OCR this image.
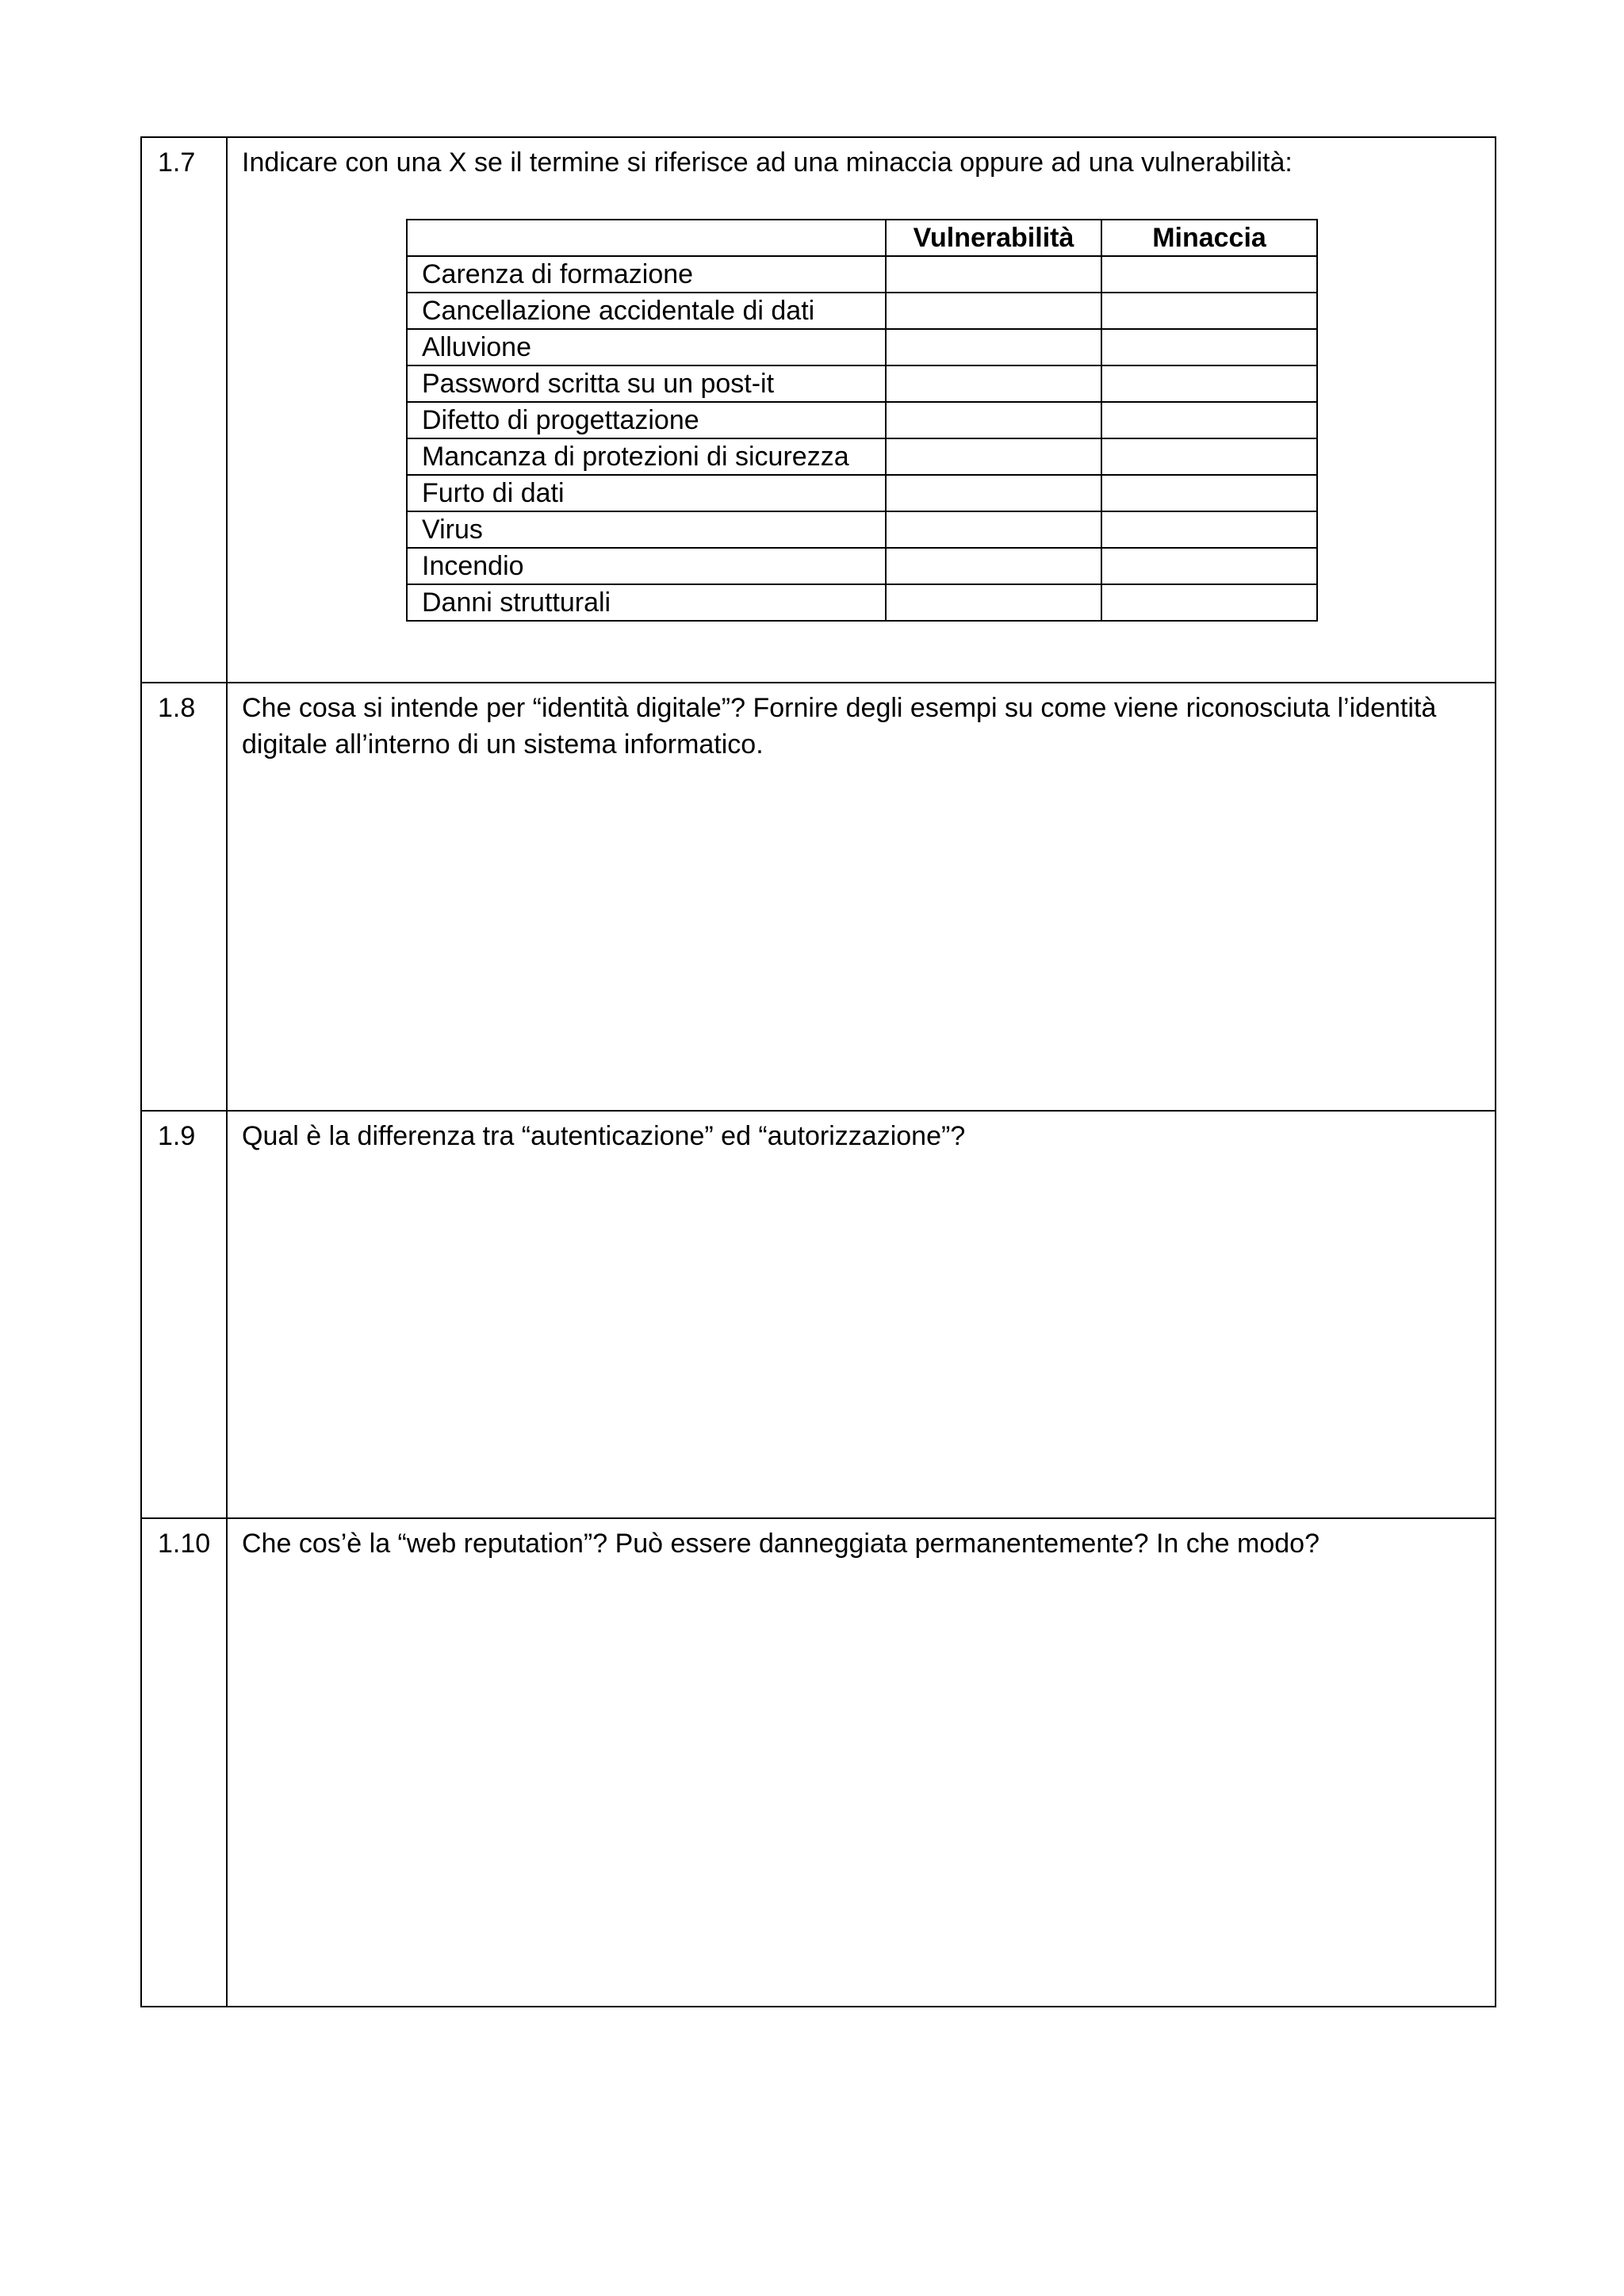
1.7	Indicare con una X se il termine si riferisce ad una minaccia oppure ad una vulnerabilità:
	Vulnerabilità	Minaccia
Carenza di formazione		
Cancellazione accidentale di dati		
Alluvione		
Password scritta su un post-it		
Difetto di progettazione		
Mancanza di protezioni di sicurezza		
Furto di dati		
Virus		
Incendio		
Danni strutturali		

1.8	Che cosa si intende per “identità digitale”? Fornire degli esempi su come viene riconosciuta l’identità digitale all’interno di un sistema informatico.

1.9	Qual è la differenza tra “autenticazione” ed “autorizzazione”?

1.10	Che cos’è la “web reputation”? Può essere danneggiata permanentemente? In che modo?
